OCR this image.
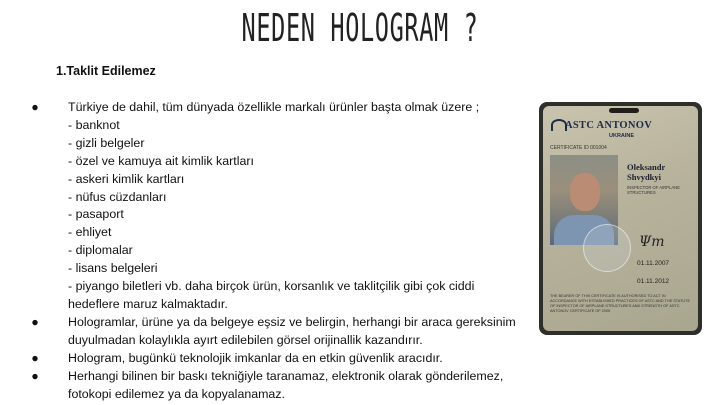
NEDEN HOLOGRAM ?
1.Taklit Edilemez
● Türkiye de dahil, tüm dünyada özellikle markalı ürünler başta olmak üzere ;
- banknot
- gizli belgeler
- özel ve kamuya ait kimlik kartları
- askeri kimlik kartları
- nüfus cüzdanları
- pasaport
- ehliyet
- diplomalar
- lisans belgeleri
- piyango biletleri vb. daha birçok ürün, korsanlık ve taklitçilik gibi çok ciddi
hedeflere maruz kalmaktadır.
● Hologramlar, ürüne ya da belgeye eşsiz ve belirgin, herhangi bir araca gereksinim
duyulmadan kolaylıkla ayırt edilebilen görsel orijinallik kazandırır.
● Hologram, bugünkü teknolojik imkanlar da en etkin güvenlik aracıdır.
● Herhangi bilinen bir baskı tekniğiyle taranamaz, elektronik olarak gönderilemez,
fotokopi edilemez ya da kopyalanamaz.
ASTC ANTONOV
UKRAINE
CERTIFICATE ID 001004
Oleksandr
Shvydkyi
INSPECTOR OF AIRPLANE STRUCTURES
Ψm
01.11.2007
01.11.2012
THE BEARER OF THIS CERTIFICATE IS AUTHORISED TO ACT IN ACCORDANCE WITH ESTABLISHED PRACTICES OF ASTC AND THE STATUTE OF INSPECTOR OF AIRPLANE STRUCTURES AND STRENGTH OF ASTC ANTONOV CERTIFICATE OF 2005
